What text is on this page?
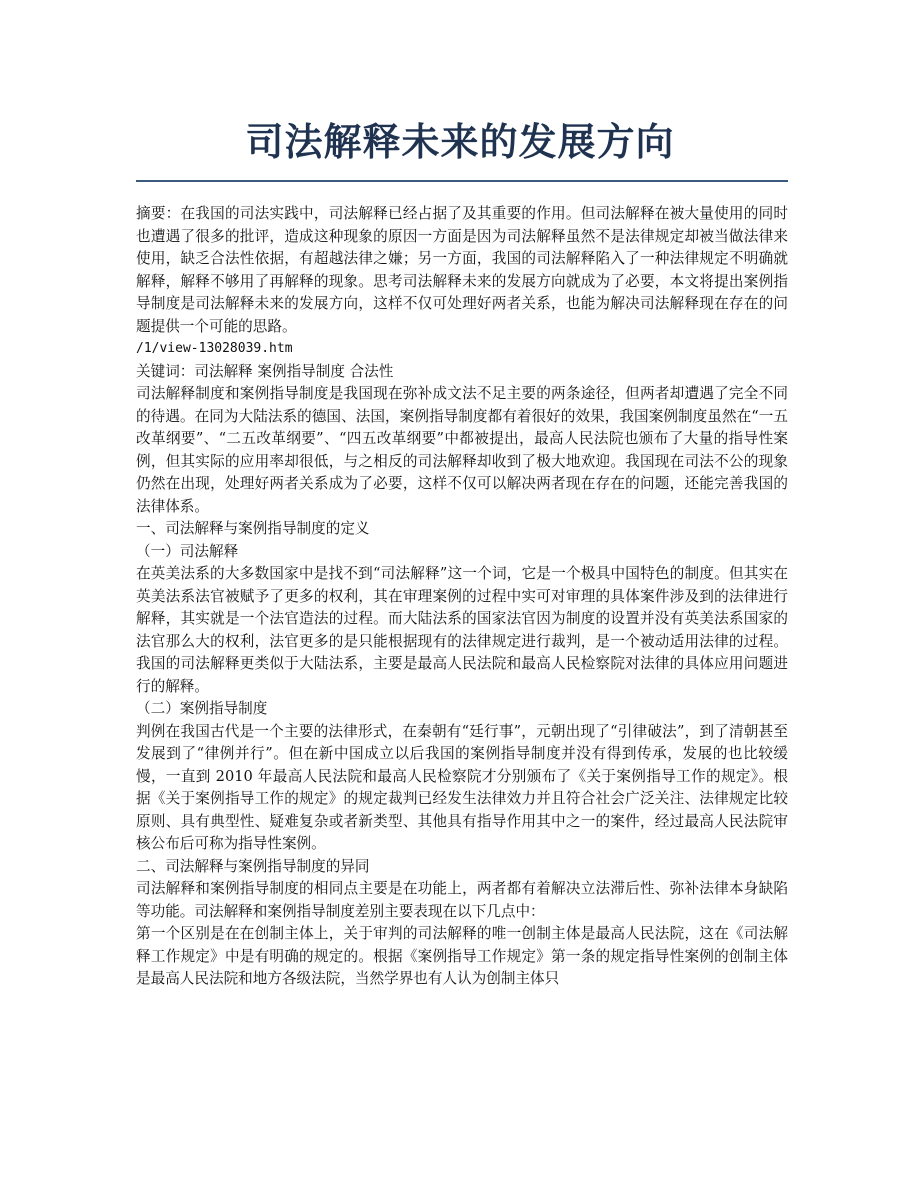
司法解释未来的发展方向

摘要：在我国的司法实践中，司法解释已经占据了及其重要的作用。但司法解释在被大量使用的同时也遭遇了很多的批评，造成这种现象的原因一方面是因为司法解释虽然不是法律规定却被当做法律来使用，缺乏合法性依据，有超越法律之嫌；另一方面，我国的司法解释陷入了一种法律规定不明确就解释，解释不够用了再解释的现象。思考司法解释未来的发展方向就成为了必要，本文将提出案例指导制度是司法解释未来的发展方向，这样不仅可处理好两者关系，也能为解决司法解释现在存在的问题提供一个可能的思路。

/1/view-13028039.htm

关键词：司法解释 案例指导制度 合法性

司法解释制度和案例指导制度是我国现在弥补成文法不足主要的两条途径，但两者却遭遇了完全不同的待遇。在同为大陆法系的德国、法国，案例指导制度都有着很好的效果，我国案例制度虽然在“一五改革纲要”、“二五改革纲要”、“四五改革纲要”中都被提出，最高人民法院也颁布了大量的指导性案例，但其实际的应用率却很低，与之相反的司法解释却收到了极大地欢迎。我国现在司法不公的现象仍然在出现，处理好两者关系成为了必要，这样不仅可以解决两者现在存在的问题，还能完善我国的法律体系。

一、司法解释与案例指导制度的定义

（一）司法解释

在英美法系的大多数国家中是找不到“司法解释”这一个词，它是一个极具中国特色的制度。但其实在英美法系法官被赋予了更多的权利，其在审理案例的过程中实可对审理的具体案件涉及到的法律进行解释，其实就是一个法官造法的过程。而大陆法系的国家法官因为制度的设置并没有英美法系国家的法官那么大的权利，法官更多的是只能根据现有的法律规定进行裁判，是一个被动适用法律的过程。我国的司法解释更类似于大陆法系，主要是最高人民法院和最高人民检察院对法律的具体应用问题进行的解释。

（二）案例指导制度

判例在我国古代是一个主要的法律形式，在秦朝有“廷行事”，元朝出现了“引律破法”，到了清朝甚至发展到了“律例并行”。但在新中国成立以后我国的案例指导制度并没有得到传承，发展的也比较缓慢，一直到 2010 年最高人民法院和最高人民检察院才分别颁布了《关于案例指导工作的规定》。根据《关于案例指导工作的规定》的规定裁判已经发生法律效力并且符合社会广泛关注、法律规定比较原则、具有典型性、疑难复杂或者新类型、其他具有指导作用其中之一的案件，经过最高人民法院审核公布后可称为指导性案例。

二、司法解释与案例指导制度的异同

司法解释和案例指导制度的相同点主要是在功能上，两者都有着解决立法滞后性、弥补法律本身缺陷等功能。司法解释和案例指导制度差别主要表现在以下几点中：

第一个区别是在在创制主体上，关于审判的司法解释的唯一创制主体是最高人民法院，这在《司法解释工作规定》中是有明确的规定的。根据《案例指导工作规定》第一条的规定指导性案例的创制主体是最高人民法院和地方各级法院，当然学界也有人认为创制主体只
